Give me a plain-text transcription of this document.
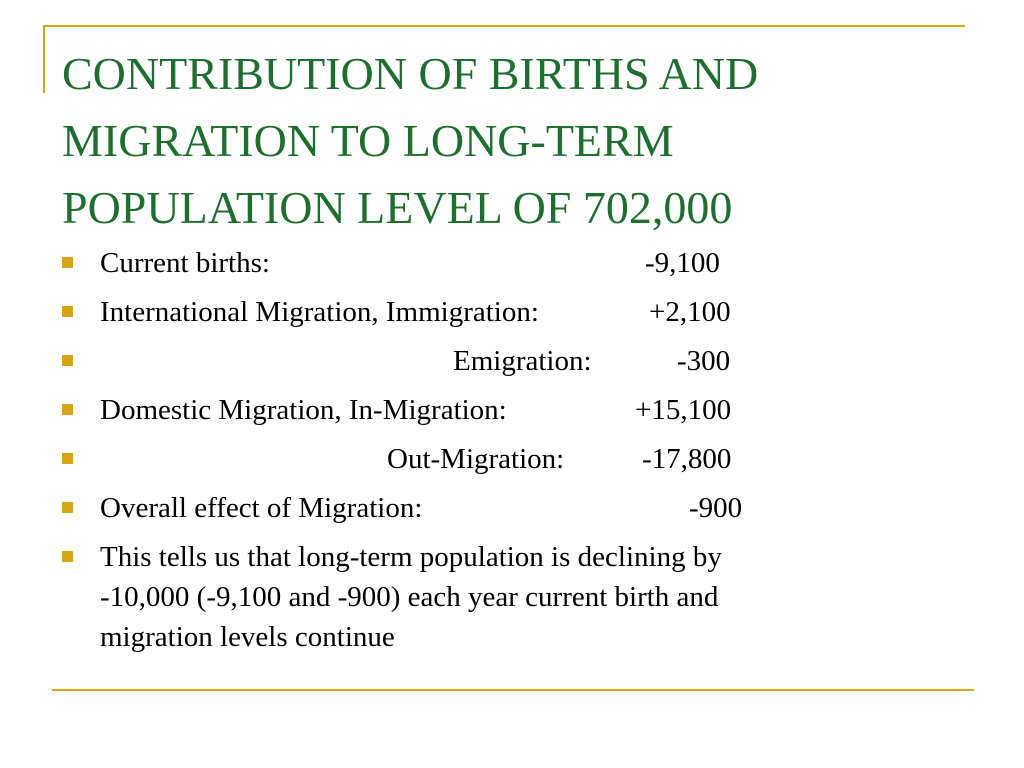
CONTRIBUTION OF BIRTHS AND
MIGRATION TO LONG-TERM
POPULATION LEVEL OF 702,000
Current births:	-9,100
International Migration, Immigration:	+2,100
Emigration:	-300
Domestic Migration, In-Migration:	+15,100
Out-Migration:	-17,800
Overall effect of Migration:	-900
This tells us that long-term population is declining by
-10,000 (-9,100 and -900) each year current birth and
migration levels continue
